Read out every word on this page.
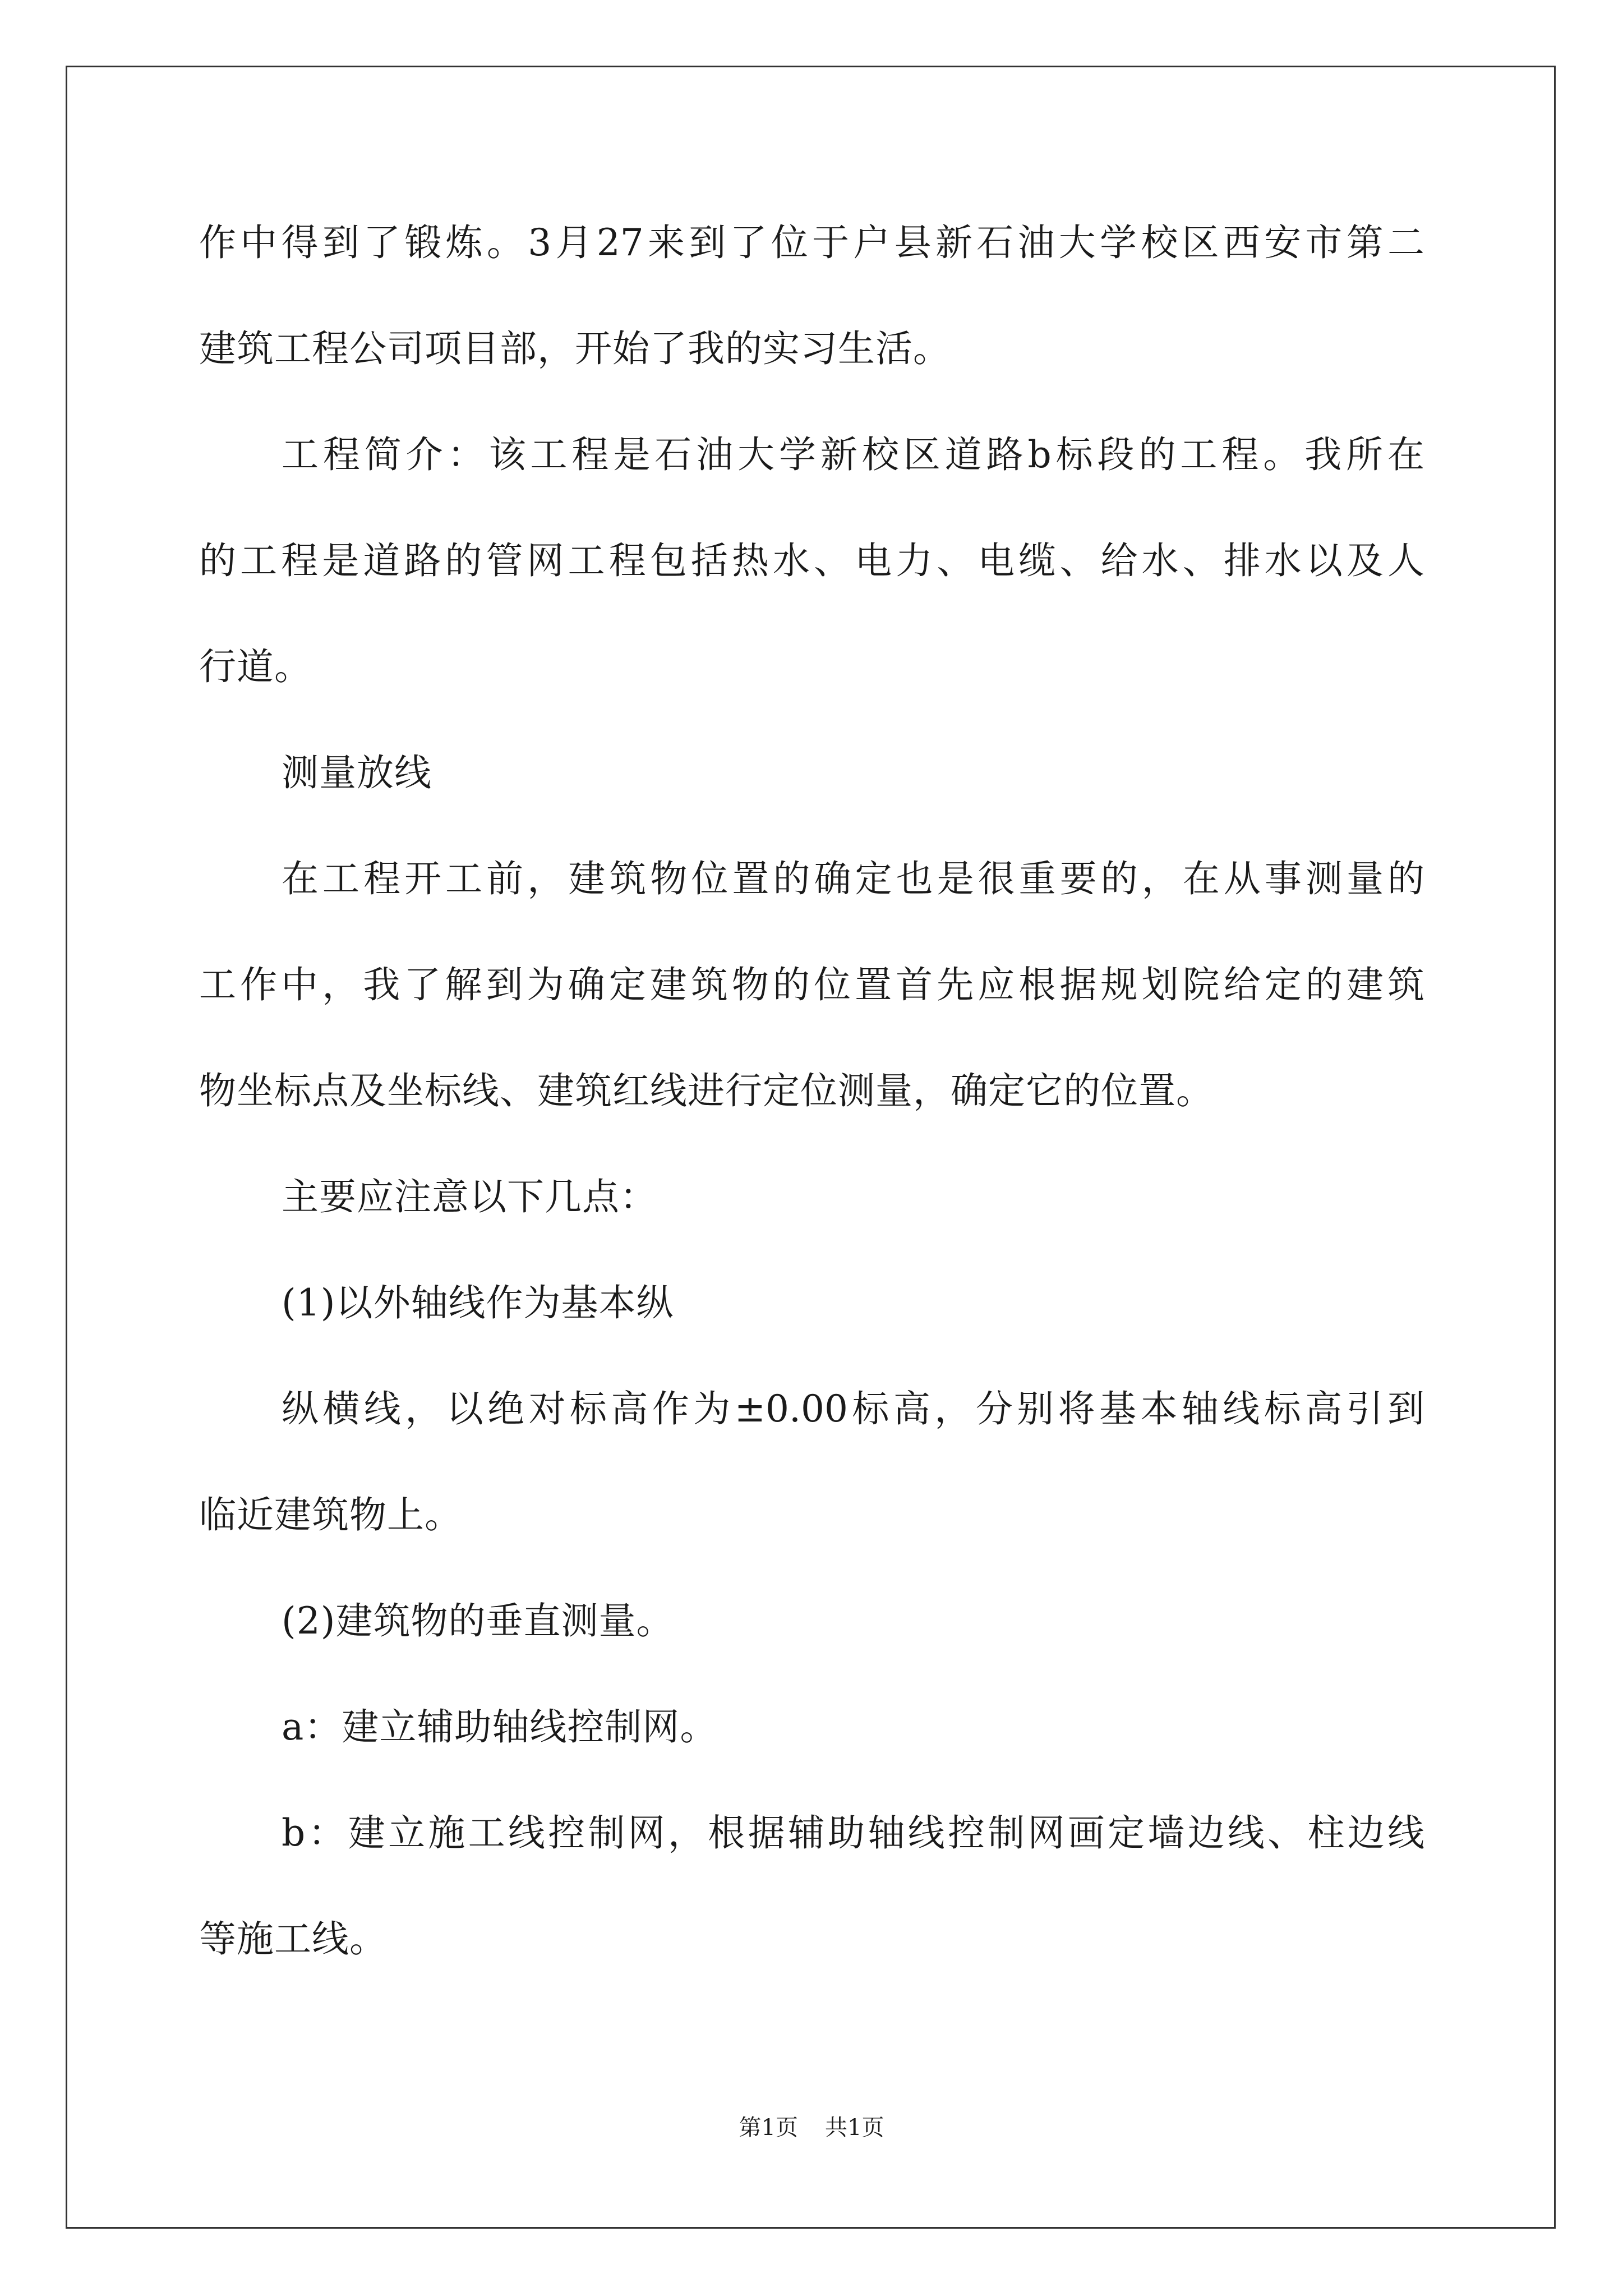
作中得到了锻炼。3月27来到了位于户县新石油大学校区西安市第二
建筑工程公司项目部，开始了我的实习生活。
工程简介：该工程是石油大学新校区道路b标段的工程。我所在
的工程是道路的管网工程包括热水、电力、电缆、给水、排水以及人
行道。
测量放线
在工程开工前，建筑物位置的确定也是很重要的，在从事测量的
工作中，我了解到为确定建筑物的位置首先应根据规划院给定的建筑
物坐标点及坐标线、建筑红线进行定位测量，确定它的位置。
主要应注意以下几点：
(1)以外轴线作为基本纵
纵横线，以绝对标高作为±0.00标高，分别将基本轴线标高引到
临近建筑物上。
(2)建筑物的垂直测量。
a：建立辅助轴线控制网。
b：建立施工线控制网，根据辅助轴线控制网画定墙边线、柱边线
等施工线。
第1页 共1页
